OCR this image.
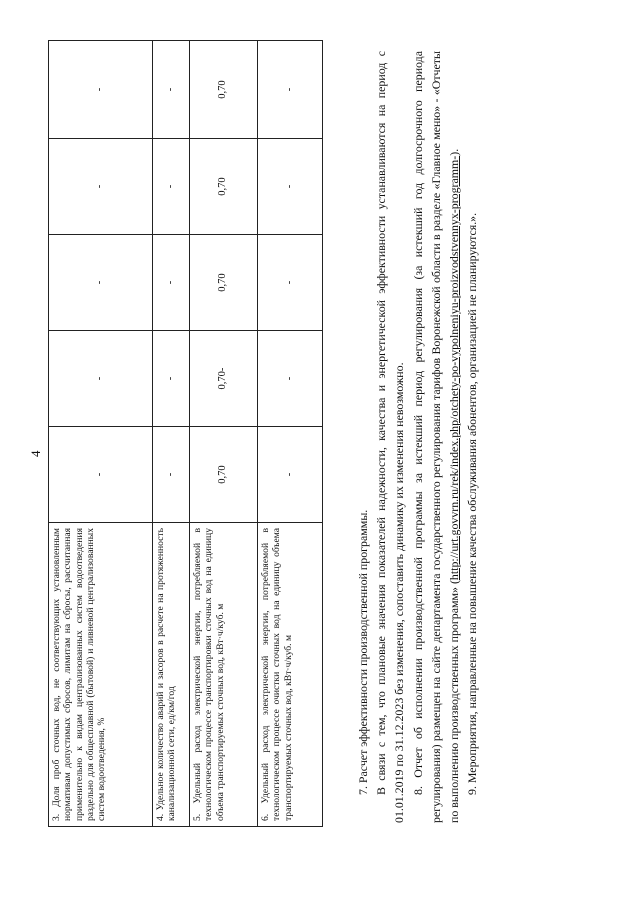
4
3. Доля проб сточных вод, не соответствующих установленным нормативам допустимых сбросов, лимитам на сбросы, рассчитанная применительно к видам централизованных систем водоотведения раздельно для общесплавной (бытовой) и ливневой централизованных систем водоотведения, %	-	-	-	-	-
4. Удельное количество аварий и засоров в расчете на протяженность канализационной сети, ед/км/год	-	-	-	-	-
5. Удельный расход электрической энергии, потребляемой в технологическом процессе транспортировки сточных вод на единицу объема транспортируемых сточных вод, кВт·ч/куб. м	0,70	0,70-	0,70	0,70	0,70
6. Удельный расход электрической энергии, потребляемой в технологическом процессе очистки сточных вод на единицу объема транспортируемых сточных вод, кВт·ч/куб. м	-	-	-	-	-

7. Расчет эффективности производственной программы. В связи с тем, что плановые значения показателей надежности, качества и энергетической эффективности устанавливаются на период с 01.01.2019 по 31.12.2023 без изменения, сопоставить динамику их изменения невозможно. 8. Отчет об исполнении производственной программы за истекший период регулирования (за истекший год долгосрочного периода регулирования) размещен на сайте департамента государственного регулирования тарифов Воронежской области в разделе «Главное меню» - «Отчеты по выполнению производственных программ» (http://urt.govvrn.ru/rek/index.php/otchety-po-vypolneniyu-proizvodstvennyx-programm-).

9. Мероприятия, направленные на повышение качества обслуживания абонентов, организацией не планируются.».
